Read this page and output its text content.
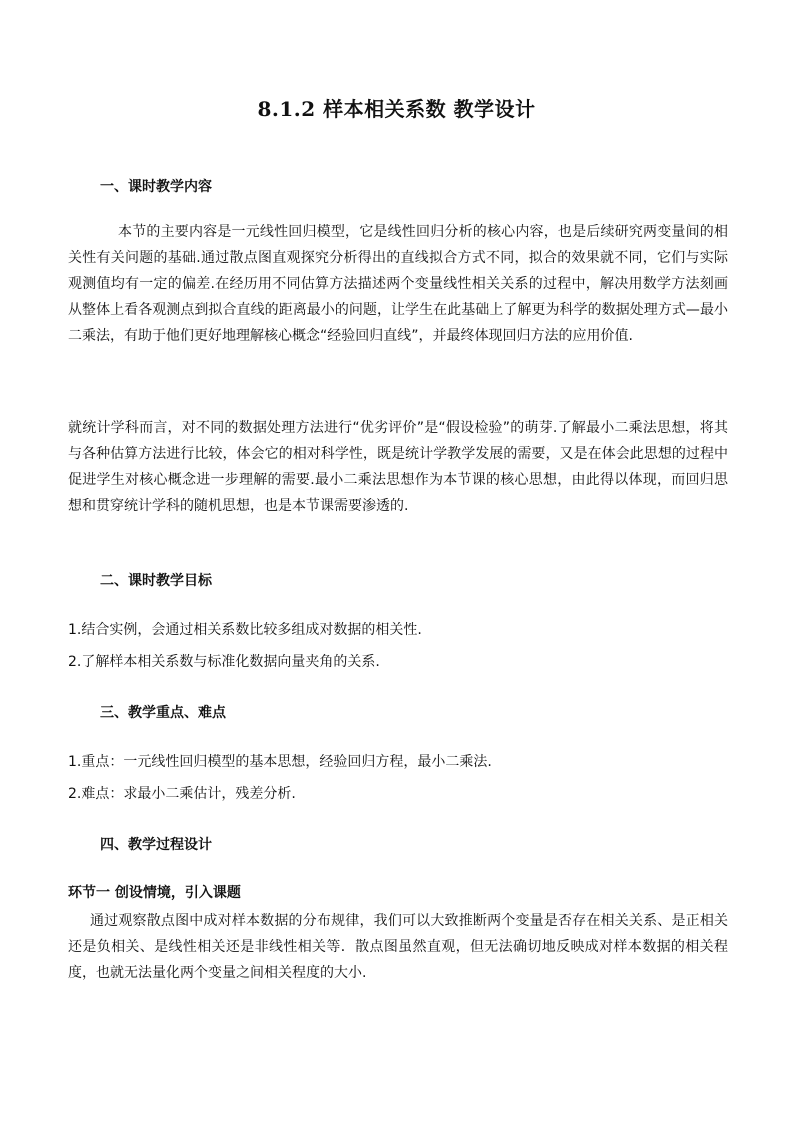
8.1.2 样本相关系数 教学设计
一、课时教学内容

本节的主要内容是一元线性回归模型，它是线性回归分析的核心内容，也是后续研究两变量间的相关性有关问题的基础.通过散点图直观探究分析得出的直线拟合方式不同，拟合的效果就不同，它们与实际观测值均有一定的偏差.在经历用不同估算方法描述两个变量线性相关关系的过程中，解决用数学方法刻画从整体上看各观测点到拟合直线的距离最小的问题，让学生在此基础上了解更为科学的数据处理方式—最小二乘法，有助于他们更好地理解核心概念“经验回归直线”，并最终体现回归方法的应用价值.

就统计学科而言，对不同的数据处理方法进行“优劣评价”是“假设检验”的萌芽.了解最小二乘法思想，将其与各种估算方法进行比较，体会它的相对科学性，既是统计学教学发展的需要，又是在体会此思想的过程中促进学生对核心概念进一步理解的需要.最小二乘法思想作为本节课的核心思想，由此得以体现，而回归思想和贯穿统计学科的随机思想，也是本节课需要渗透的.

二、课时教学目标
1.结合实例，会通过相关系数比较多组成对数据的相关性.
2.了解样本相关系数与标准化数据向量夹角的关系.
三、教学重点、难点
1.重点：一元线性回归模型的基本思想，经验回归方程，最小二乘法.
2.难点：求最小二乘估计，残差分析.
四、教学过程设计
环节一 创设情境，引入课题

通过观察散点图中成对样本数据的分布规律，我们可以大致推断两个变量是否存在相关关系、是正相关还是负相关、是线性相关还是非线性相关等．散点图虽然直观，但无法确切地反映成对样本数据的相关程度，也就无法量化两个变量之间相关程度的大小.
